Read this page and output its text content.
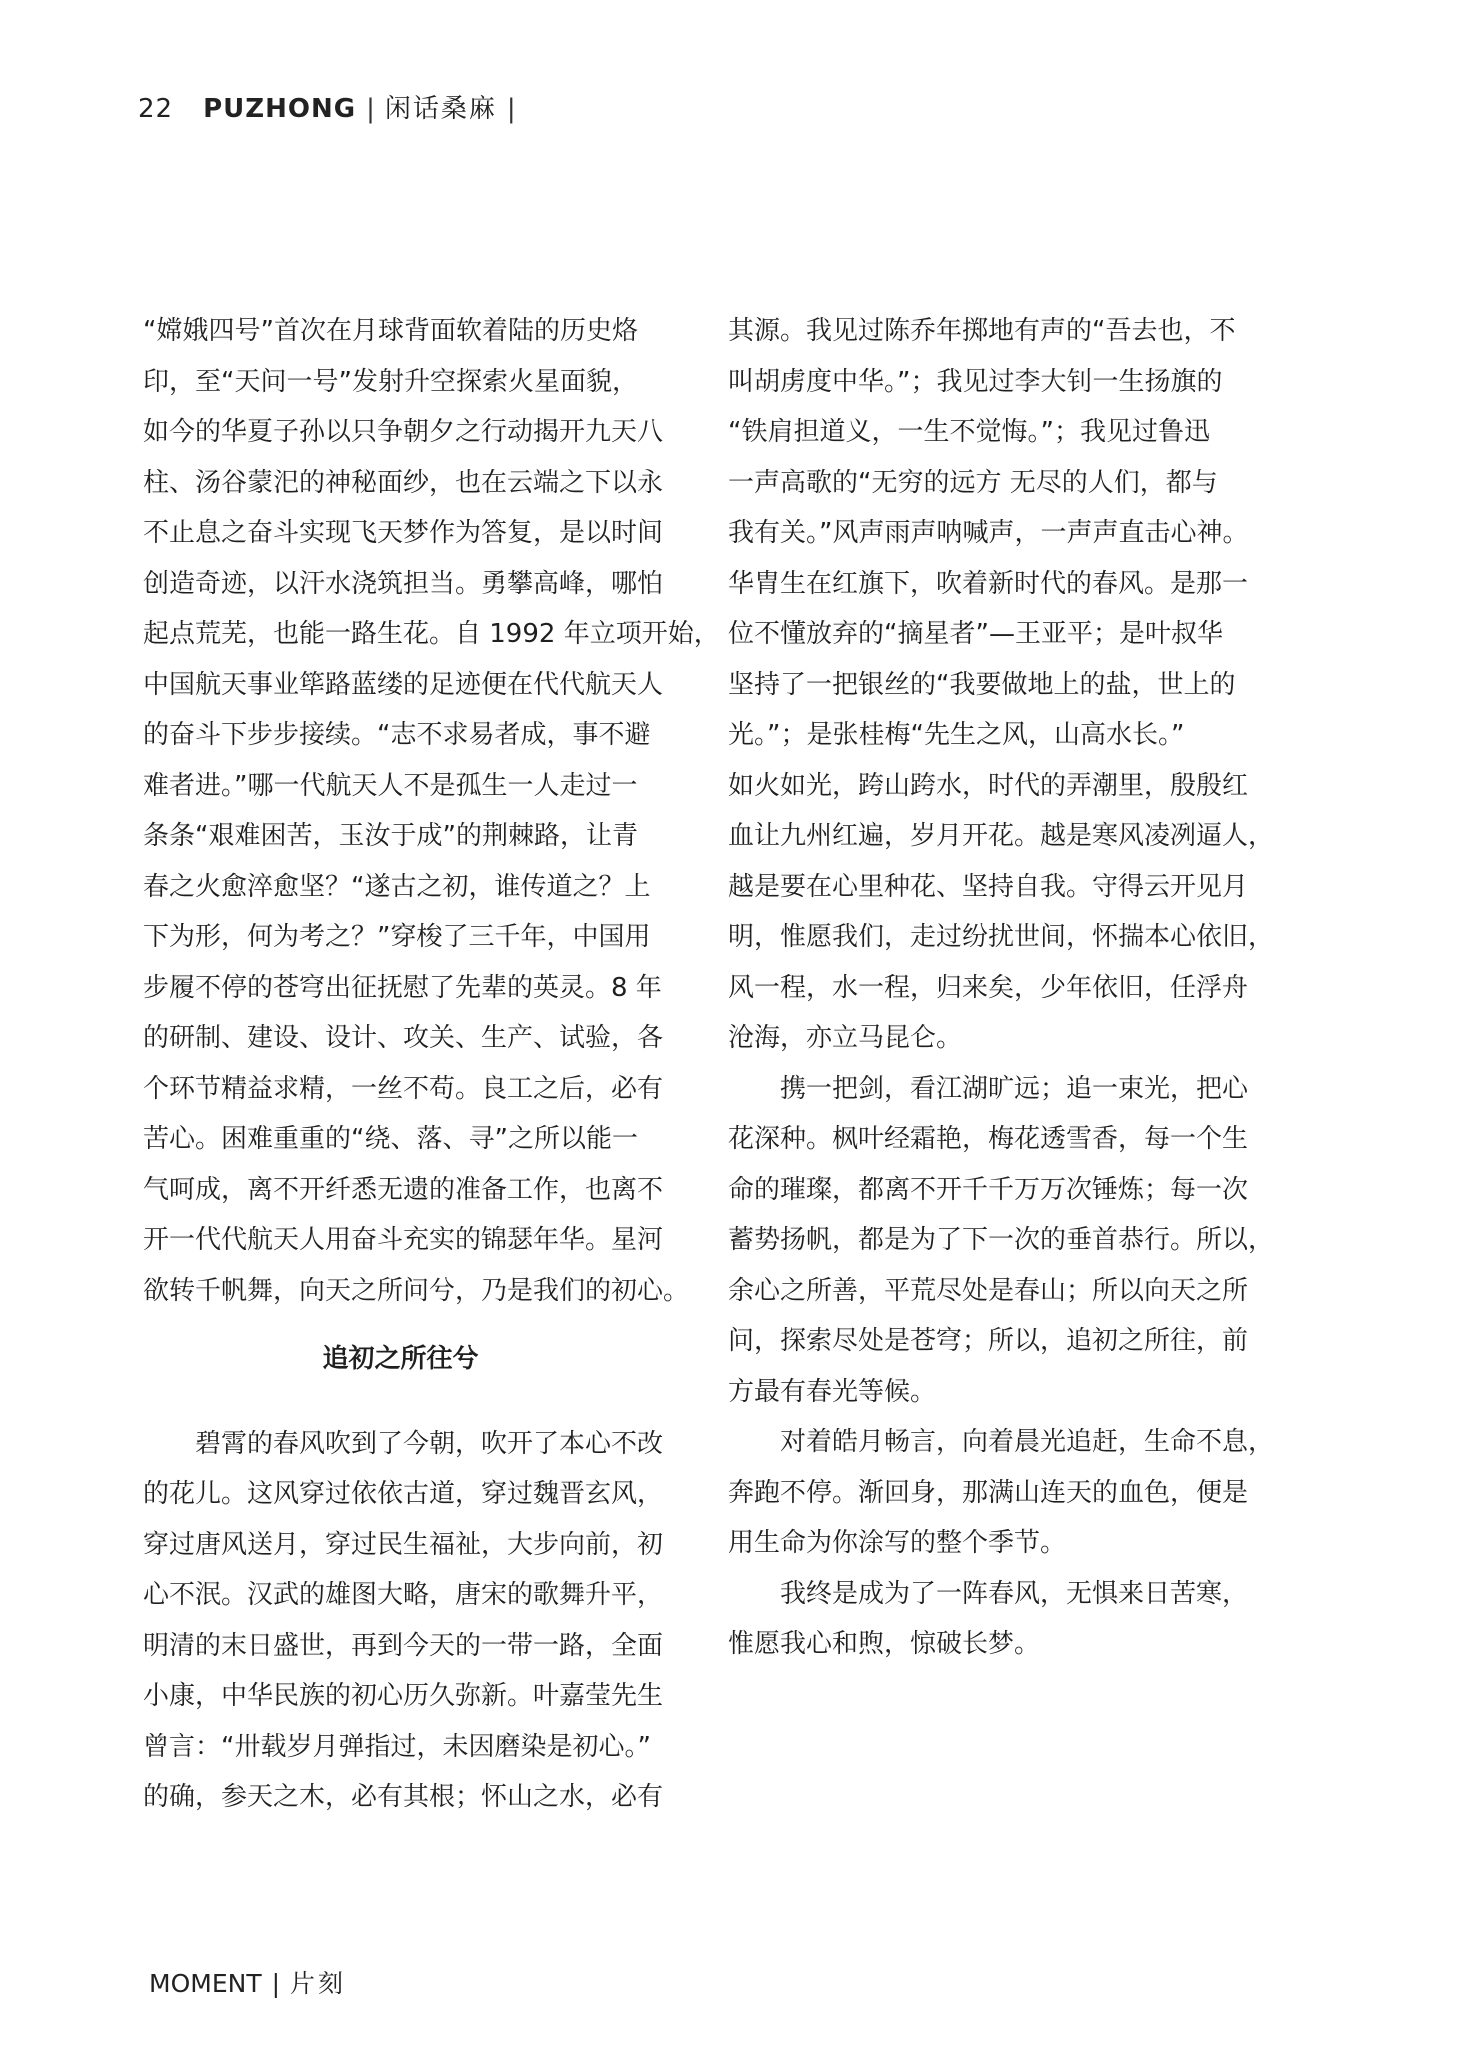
22 PUZHONG | 闲话桑麻 |
“嫦娥四号”首次在月球背面软着陆的历史烙
印，至“天问一号”发射升空探索火星面貌，
如今的华夏子孙以只争朝夕之行动揭开九天八
柱、汤谷蒙汜的神秘面纱，也在云端之下以永
不止息之奋斗实现飞天梦作为答复，是以时间
创造奇迹，以汗水浇筑担当。勇攀高峰，哪怕
起点荒芜，也能一路生花。自 1992 年立项开始，
中国航天事业筚路蓝缕的足迹便在代代航天人
的奋斗下步步接续。“志不求易者成，事不避
难者进。”哪一代航天人不是孤生一人走过一
条条“艰难困苦，玉汝于成”的荆棘路，让青
春之火愈淬愈坚？“遂古之初，谁传道之？上
下为形，何为考之？”穿梭了三千年，中国用
步履不停的苍穹出征抚慰了先辈的英灵。8 年
的研制、建设、设计、攻关、生产、试验，各
个环节精益求精，一丝不苟。良工之后，必有
苦心。困难重重的“绕、落、寻”之所以能一
气呵成，离不开纤悉无遗的准备工作，也离不
开一代代航天人用奋斗充实的锦瑟年华。星河
欲转千帆舞，向天之所问兮，乃是我们的初心。
追初之所往兮
碧霄的春风吹到了今朝，吹开了本心不改
的花儿。这风穿过依依古道，穿过魏晋玄风，
穿过唐风送月，穿过民生福祉，大步向前，初
心不泯。汉武的雄图大略，唐宋的歌舞升平，
明清的末日盛世，再到今天的一带一路，全面
小康，中华民族的初心历久弥新。叶嘉莹先生
曾言：“卅载岁月弹指过，未因磨染是初心。”
的确，参天之木，必有其根；怀山之水，必有
其源。我见过陈乔年掷地有声的“吾去也，不
叫胡虏度中华。”；我见过李大钊一生扬旗的
“铁肩担道义，一生不觉悔。”；我见过鲁迅
一声高歌的“无穷的远方 无尽的人们，都与
我有关。”风声雨声呐喊声，一声声直击心神。
华胄生在红旗下，吹着新时代的春风。是那一
位不懂放弃的“摘星者”—王亚平；是叶叔华
坚持了一把银丝的“我要做地上的盐，世上的
光。”；是张桂梅“先生之风，山高水长。”
如火如光，跨山跨水，时代的弄潮里，殷殷红
血让九州红遍，岁月开花。越是寒风凌冽逼人，
越是要在心里种花、坚持自我。守得云开见月
明，惟愿我们，走过纷扰世间，怀揣本心依旧，
风一程，水一程，归来矣，少年依旧，任浮舟
沧海，亦立马昆仑。
携一把剑，看江湖旷远；追一束光，把心
花深种。枫叶经霜艳，梅花透雪香，每一个生
命的璀璨，都离不开千千万万次锤炼；每一次
蓄势扬帆，都是为了下一次的垂首恭行。所以，
余心之所善，平荒尽处是春山；所以向天之所
问，探索尽处是苍穹；所以，追初之所往，前
方最有春光等候。
对着皓月畅言，向着晨光追赶，生命不息，
奔跑不停。渐回身，那满山连天的血色，便是
用生命为你涂写的整个季节。
我终是成为了一阵春风，无惧来日苦寒，
惟愿我心和煦，惊破长梦。
MOMENT | 片刻
